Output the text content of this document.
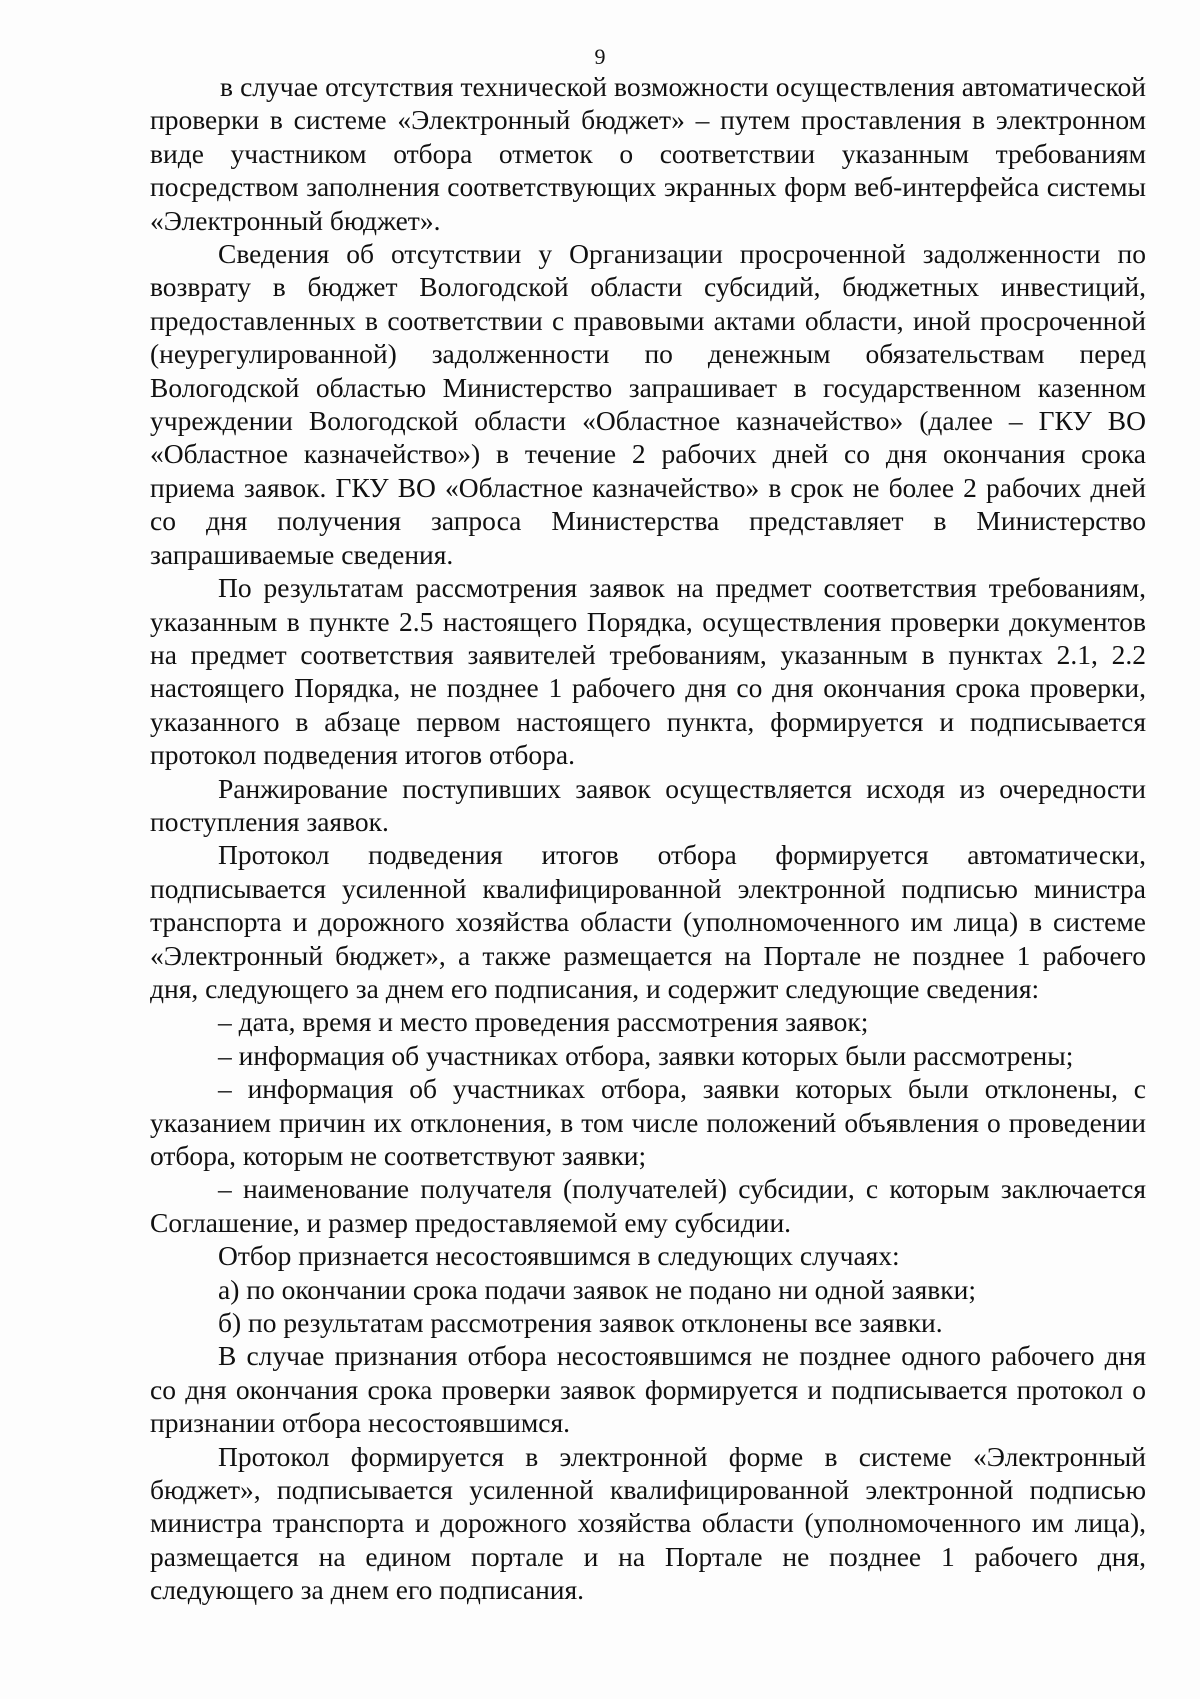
9

в случае отсутствия технической возможности осуществления автоматической проверки в системе «Электронный бюджет» – путем проставления в электронном виде участником отбора отметок о соответствии указанным требованиям посредством заполнения соответствующих экранных форм веб-интерфейса системы «Электронный бюджет».

Сведения об отсутствии у Организации просроченной задолженности по возврату в бюджет Вологодской области субсидий, бюджетных инвестиций, предоставленных в соответствии с правовыми актами области, иной просроченной (неурегулированной) задолженности по денежным обязательствам перед Вологодской областью Министерство запрашивает в государственном казенном учреждении Вологодской области «Областное казначейство» (далее – ГКУ ВО «Областное казначейство») в течение 2 рабочих дней со дня окончания срока приема заявок. ГКУ ВО «Областное казначейство» в срок не более 2 рабочих дней со дня получения запроса Министерства представляет в Министерство запрашиваемые сведения.

По результатам рассмотрения заявок на предмет соответствия требованиям, указанным в пункте 2.5 настоящего Порядка, осуществления проверки документов на предмет соответствия заявителей требованиям, указанным в пунктах 2.1, 2.2 настоящего Порядка, не позднее 1 рабочего дня со дня окончания срока проверки, указанного в абзаце первом настоящего пункта, формируется и подписывается протокол подведения итогов отбора.

Ранжирование поступивших заявок осуществляется исходя из очередности поступления заявок.

Протокол подведения итогов отбора формируется автоматически, подписывается усиленной квалифицированной электронной подписью министра транспорта и дорожного хозяйства области (уполномоченного им лица) в системе «Электронный бюджет», а также размещается на Портале не позднее 1 рабочего дня, следующего за днем его подписания, и содержит следующие сведения:

– дата, время и место проведения рассмотрения заявок;

– информация об участниках отбора, заявки которых были рассмотрены;

– информация об участниках отбора, заявки которых были отклонены, с указанием причин их отклонения, в том числе положений объявления о проведении отбора, которым не соответствуют заявки;

– наименование получателя (получателей) субсидии, с которым заключается Соглашение, и размер предоставляемой ему субсидии.

Отбор признается несостоявшимся в следующих случаях:

а) по окончании срока подачи заявок не подано ни одной заявки;

б) по результатам рассмотрения заявок отклонены все заявки.

В случае признания отбора несостоявшимся не позднее одного рабочего дня со дня окончания срока проверки заявок формируется и подписывается протокол о признании отбора несостоявшимся.

Протокол формируется в электронной форме в системе «Электронный бюджет», подписывается усиленной квалифицированной электронной подписью министра транспорта и дорожного хозяйства области (уполномоченного им лица), размещается на едином портале и на Портале не позднее 1 рабочего дня, следующего за днем его подписания.
